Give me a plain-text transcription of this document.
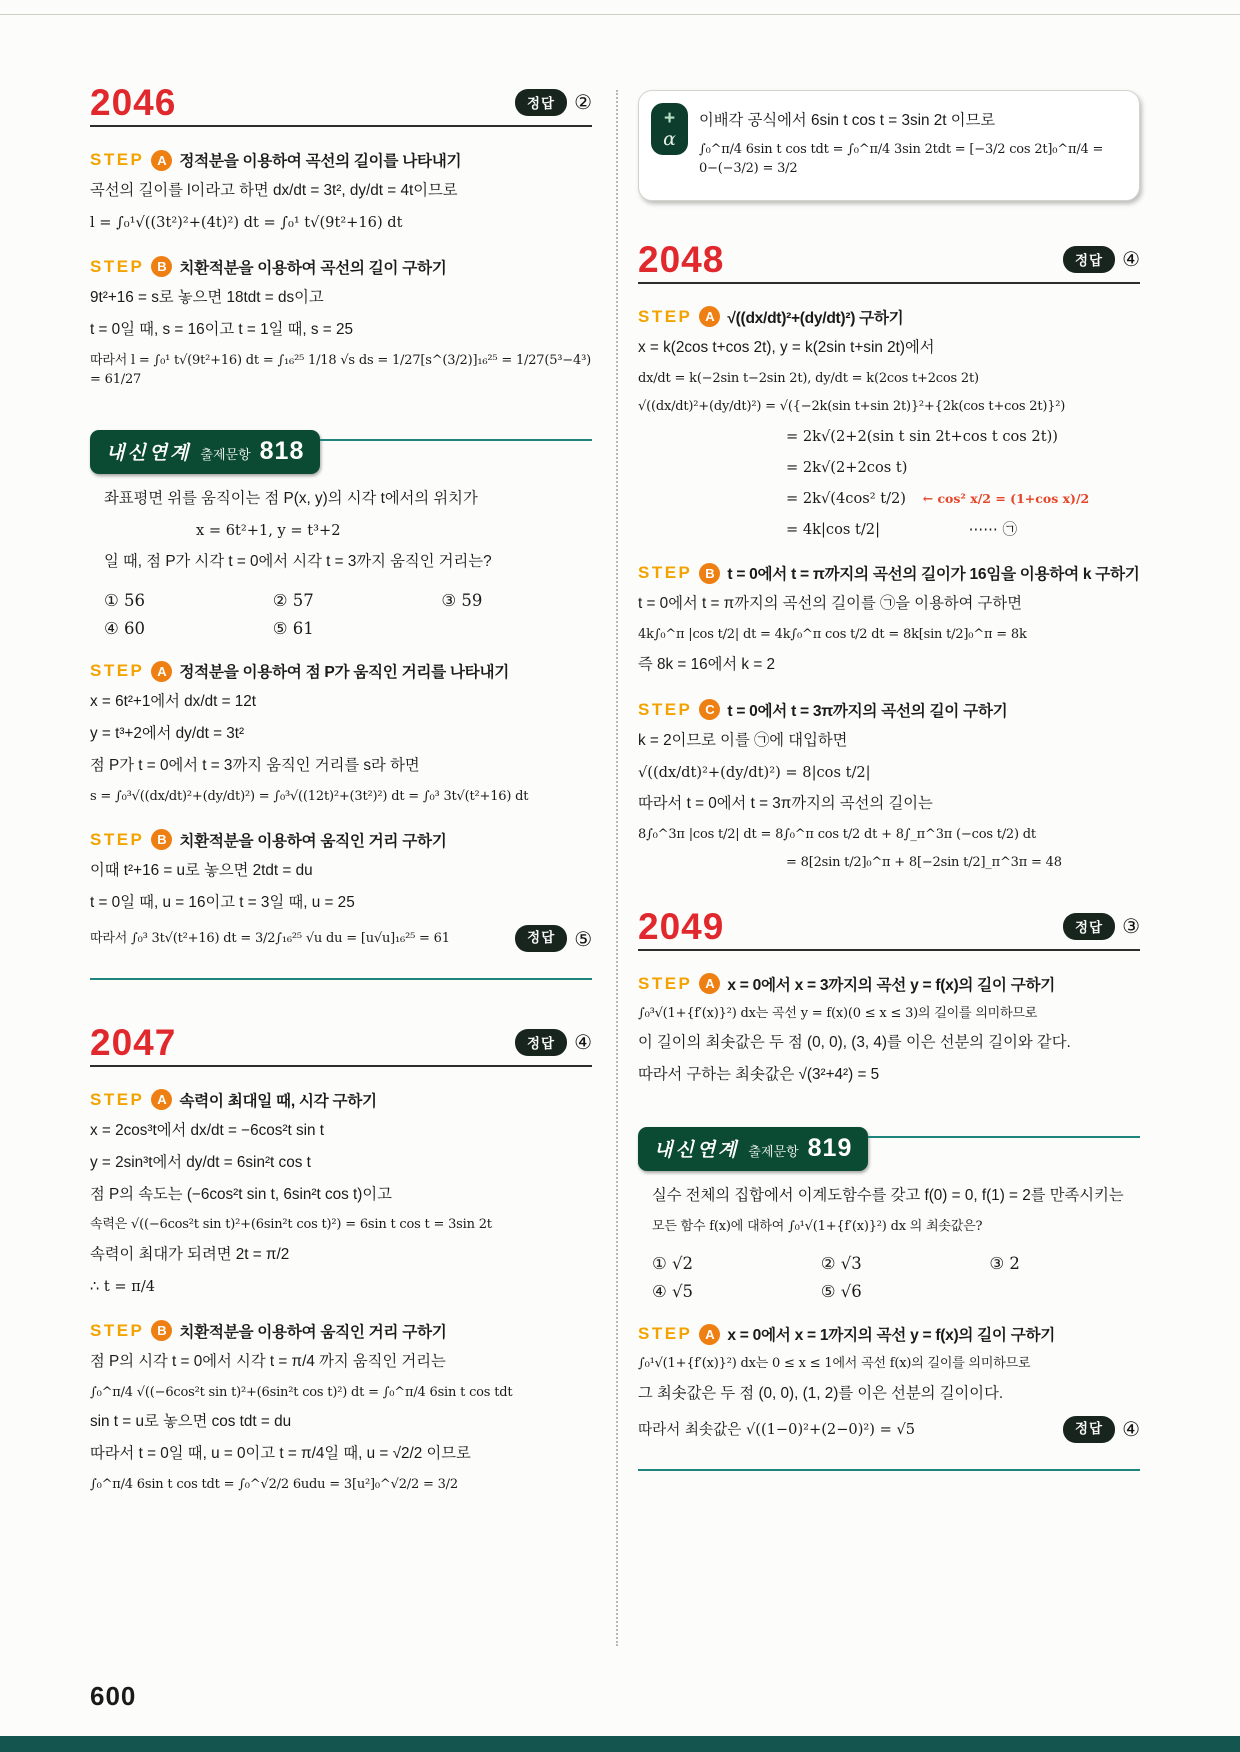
2046	정답 ②
STEP A 정적분을 이용하여 곡선의 길이를 나타내기

곡선의 길이를 l이라고 하면 dx/dt = 3t², dy/dt = 4t이므로

l = ∫₀¹√((3t²)²+(4t)²) dt = ∫₀¹ t√(9t²+16) dt

STEP B 치환적분을 이용하여 곡선의 길이 구하기

9t²+16 = s로 놓으면 18tdt = ds이고

t = 0일 때, s = 16이고 t = 1일 때, s = 25

따라서 l = ∫₀¹ t√(9t²+16) dt = ∫₁₆²⁵ 1/18 √s ds = 1/27[s^(3/2)]₁₆²⁵ = 1/27(5³−4³) = 61/27

내신연계 출제문항 818

좌표평면 위를 움직이는 점 P(x, y)의 시각 t에서의 위치가

x = 6t²+1, y = t³+2

일 때, 점 P가 시각 t = 0에서 시각 t = 3까지 움직인 거리는?

① 56	② 57	③ 59
④ 60	⑤ 61
STEP A 정적분을 이용하여 점 P가 움직인 거리를 나타내기

x = 6t²+1에서 dx/dt = 12t

y = t³+2에서 dy/dt = 3t²

점 P가 t = 0에서 t = 3까지 움직인 거리를 s라 하면

s = ∫₀³√((dx/dt)²+(dy/dt)²) = ∫₀³√((12t)²+(3t²)²) dt = ∫₀³ 3t√(t²+16) dt

STEP B 치환적분을 이용하여 움직인 거리 구하기

이때 t²+16 = u로 놓으면 2tdt = du

t = 0일 때, u = 16이고 t = 3일 때, u = 25

따라서 ∫₀³ 3t√(t²+16) dt = 3/2∫₁₆²⁵ √u du = [u√u]₁₆²⁵ = 61	정답 ⑤

2047	정답 ④
STEP A 속력이 최대일 때, 시각 구하기

x = 2cos³t에서 dx/dt = −6cos²t sin t

y = 2sin³t에서 dy/dt = 6sin²t cos t

점 P의 속도는 (−6cos²t sin t, 6sin²t cos t)이고

속력은 √((−6cos²t sin t)²+(6sin²t cos t)²) = 6sin t cos t = 3sin 2t

속력이 최대가 되려면 2t = π/2

∴ t = π/4

STEP B 치환적분을 이용하여 움직인 거리 구하기

점 P의 시각 t = 0에서 시각 t = π/4 까지 움직인 거리는

∫₀^π/4 √((−6cos²t sin t)²+(6sin²t cos t)²) dt = ∫₀^π/4 6sin t cos tdt

sin t = u로 놓으면 cos tdt = du

따라서 t = 0일 때, u = 0이고 t = π/4일 때, u = √2/2 이므로

∫₀^π/4 6sin t cos tdt = ∫₀^√2/2 6udu = 3[u²]₀^√2/2 = 3/2

+
α

이배각 공식에서 6sin t cos t = 3sin 2t 이므로

∫₀^π/4 6sin t cos tdt = ∫₀^π/4 3sin 2tdt = [−3/2 cos 2t]₀^π/4 = 0−(−3/2) = 3/2

2048	정답 ④
STEP A √((dx/dt)²+(dy/dt)²) 구하기

x = k(2cos t+cos 2t), y = k(2sin t+sin 2t)에서

dx/dt = k(−2sin t−2sin 2t), dy/dt = k(2cos t+2cos 2t)

√((dx/dt)²+(dy/dt)²) = √({−2k(sin t+sin 2t)}²+{2k(cos t+cos 2t)}²)

= 2k√(2+2(sin t sin 2t+cos t cos 2t))

= 2k√(2+2cos t)

= 2k√(4cos² t/2) ← cos² x/2 = (1+cos x)/2

= 4k|cos t/2|	⋯⋯ ㉠

STEP B t = 0에서 t = π까지의 곡선의 길이가 16임을 이용하여 k 구하기

t = 0에서 t = π까지의 곡선의 길이를 ㉠을 이용하여 구하면

4k∫₀^π |cos t/2| dt = 4k∫₀^π cos t/2 dt = 8k[sin t/2]₀^π = 8k

즉 8k = 16에서 k = 2

STEP C t = 0에서 t = 3π까지의 곡선의 길이 구하기

k = 2이므로 이를 ㉠에 대입하면

√((dx/dt)²+(dy/dt)²) = 8|cos t/2|

따라서 t = 0에서 t = 3π까지의 곡선의 길이는

8∫₀^3π |cos t/2| dt = 8∫₀^π cos t/2 dt + 8∫_π^3π (−cos t/2) dt

= 8[2sin t/2]₀^π + 8[−2sin t/2]_π^3π = 48

2049	정답 ③
STEP A x = 0에서 x = 3까지의 곡선 y = f(x)의 길이 구하기

∫₀³√(1+{f′(x)}²) dx는 곡선 y = f(x)(0 ≤ x ≤ 3)의 길이를 의미하므로

이 길이의 최솟값은 두 점 (0, 0), (3, 4)를 이은 선분의 길이와 같다.

따라서 구하는 최솟값은 √(3²+4²) = 5

내신연계 출제문항 819

실수 전체의 집합에서 이계도함수를 갖고 f(0) = 0, f(1) = 2를 만족시키는

모든 함수 f(x)에 대하여 ∫₀¹√(1+{f′(x)}²) dx 의 최솟값은?

① √2	② √3	③ 2
④ √5	⑤ √6
STEP A x = 0에서 x = 1까지의 곡선 y = f(x)의 길이 구하기

∫₀¹√(1+{f′(x)}²) dx는 0 ≤ x ≤ 1에서 곡선 f(x)의 길이를 의미하므로

그 최솟값은 두 점 (0, 0), (1, 2)를 이은 선분의 길이이다.

따라서 최솟값은 √((1−0)²+(2−0)²) = √5	정답 ④

600
